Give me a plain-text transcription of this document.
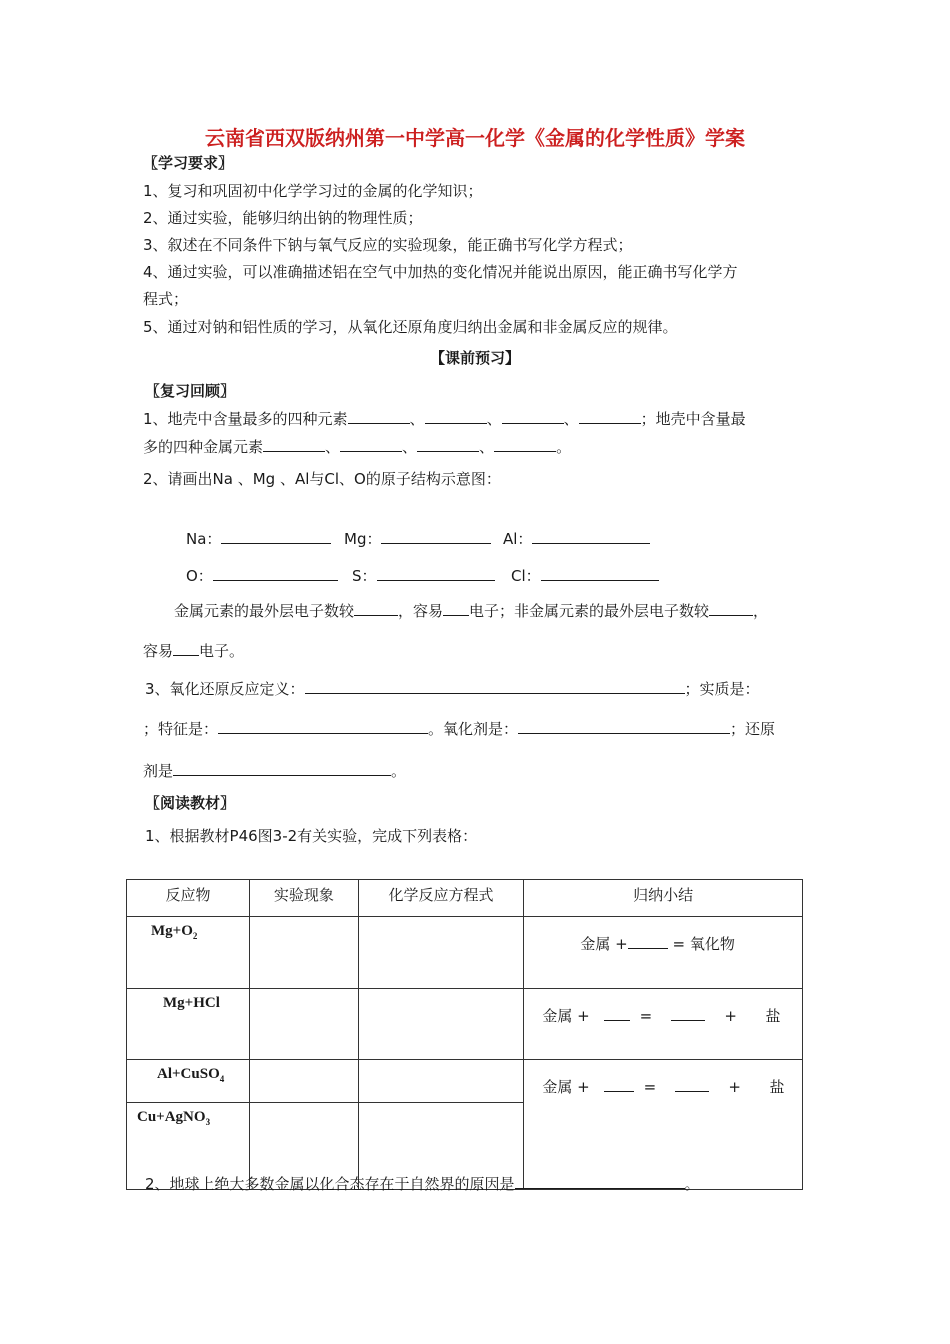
云南省西双版纳州第一中学高一化学《金属的化学性质》学案
〖学习要求〗
1、复习和巩固初中化学学习过的金属的化学知识；
2、通过实验，能够归纳出钠的物理性质；
3、叙述在不同条件下钠与氧气反应的实验现象，能正确书写化学方程式；
4、通过实验，可以准确描述铝在空气中加热的变化情况并能说出原因，能正确书写化学方
程式；
5、通过对钠和铝性质的学习，从氧化还原角度归纳出金属和非金属反应的规律。
【课前预习】
〖复习回顾〗
1、地壳中含量最多的四种元素	、	、	、	；地壳中含量最
多的四种金属元素	、	、	、	。
2、请画出Na 、Mg 、Al与Cl、O的原子结构示意图：
Na：	Mg：	Al：
O：	S：	Cl：
金属元素的最外层电子数较	，容易 电子；非金属元素的最外层电子数较	，
容易 电子。
3、氧化还原反应定义：	；实质是：
；特征是：	。氧化剂是：	；还原
剂是	。
〖阅读教材〗
1、根据教材P46图3-2有关实验，完成下列表格：
反应物	实验现象	化学反应方程式	归纳小结
$Mg+O_2$			金属 + = 氧化物
Mg+HCl			金属 + = + 盐
Al+CuSO$_4$			金属 + = + 盐
Cu+AgNO$_3$		
2、地球上绝大多数金属以化合态存在于自然界的原因是	。
